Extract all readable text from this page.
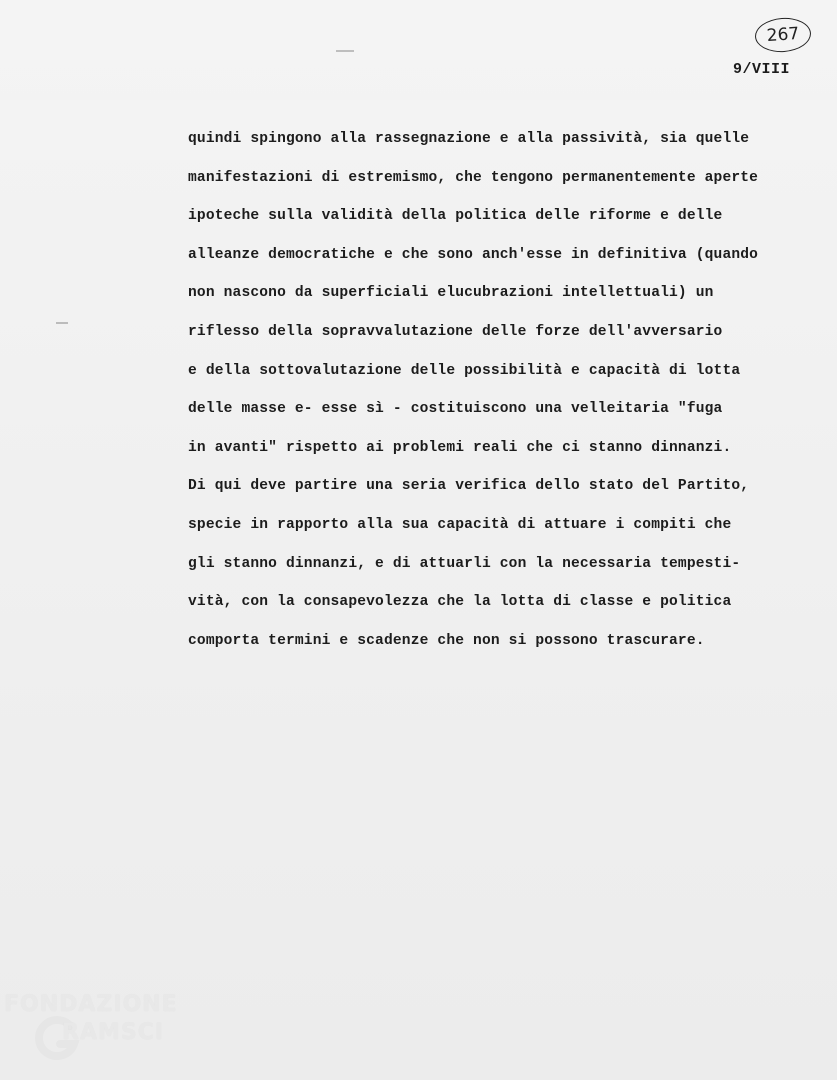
267
9/VIII
quindi spingono alla rassegnazione e alla passività, sia quelle
manifestazioni di estremismo, che tengono permanentemente aperte
ipoteche sulla validità della politica delle riforme e delle
alleanze democratiche e che sono anch'esse in definitiva (quando
non nascono da superficiali elucubrazioni intellettuali) un
riflesso della sopravvalutazione delle forze dell'avversario
e della sottovalutazione delle possibilità e capacità di lotta
delle masse e- esse sì - costituiscono una velleitaria "fuga
in avanti" rispetto ai problemi reali che ci stanno dinnanzi.
Di qui deve partire una seria verifica dello stato del Partito,
specie in rapporto alla sua capacità di attuare i compiti che
gli stanno dinnanzi, e di attuarli con la necessaria tempesti-
vità, con la consapevolezza che la lotta di classe e politica
comporta termini e scadenze che non si possono trascurare.
FONDAZIONE
RAMSCI
